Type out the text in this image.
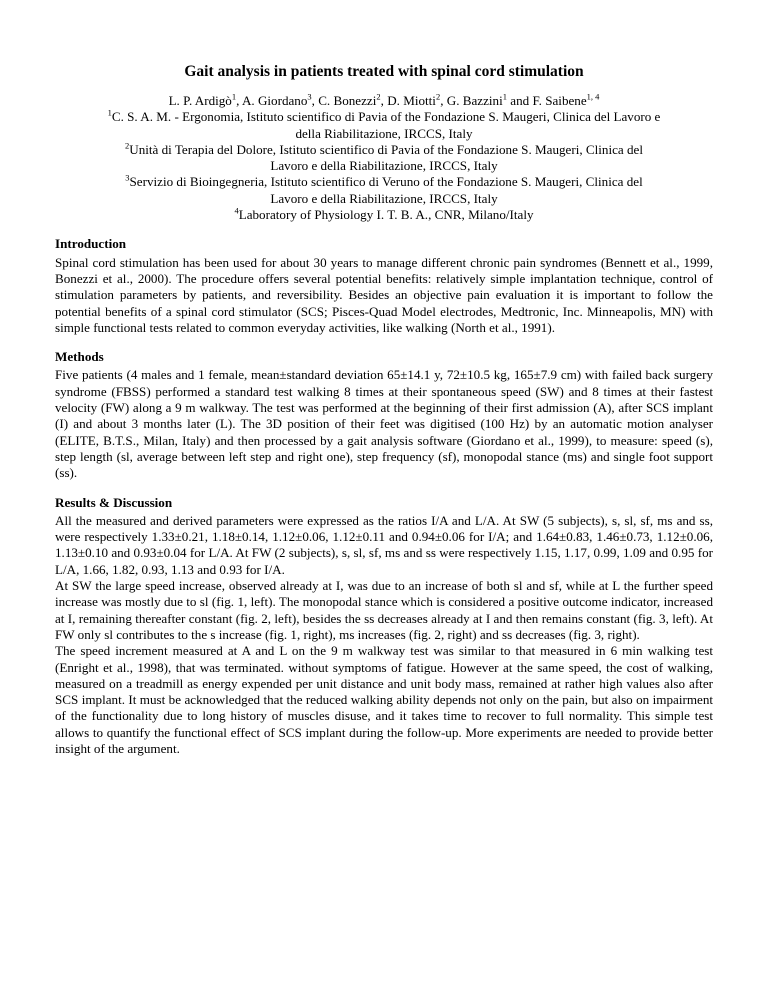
Gait analysis in patients treated with spinal cord stimulation
L. P. Ardigò$^1$, A. Giordano$^3$, C. Bonezzi$^2$, D. Miotti$^2$, G. Bazzini$^1$ and F. Saibene$^{1, 4}$
$^1$C. S. A. M. - Ergonomia, Istituto scientifico di Pavia of the Fondazione S. Maugeri, Clinica del Lavoro e
della Riabilitazione, IRCCS, Italy
$^2$Unità di Terapia del Dolore, Istituto scientifico di Pavia of the Fondazione S. Maugeri, Clinica del
Lavoro e della Riabilitazione, IRCCS, Italy
$^3$Servizio di Bioingegneria, Istituto scientifico di Veruno of the Fondazione S. Maugeri, Clinica del
Lavoro e della Riabilitazione, IRCCS, Italy
$^4$Laboratory of Physiology I. T. B. A., CNR, Milano/Italy
Introduction

Spinal cord stimulation has been used for about 30 years to manage different chronic pain syndromes (Bennett et al., 1999, Bonezzi et al., 2000). The procedure offers several potential benefits: relatively simple implantation technique, control of stimulation parameters by patients, and reversibility. Besides an objective pain evaluation it is important to follow the potential benefits of a spinal cord stimulator (SCS; Pisces-Quad Model electrodes, Medtronic, Inc. Minneapolis, MN) with simple functional tests related to common everyday activities, like walking (North et al., 1991).

Methods

Five patients (4 males and 1 female, mean±standard deviation 65±14.1 y, 72±10.5 kg, 165±7.9 cm) with failed back surgery syndrome (FBSS) performed a standard test walking 8 times at their spontaneous speed (SW) and 8 times at their fastest velocity (FW) along a 9 m walkway. The test was performed at the beginning of their first admission (A), after SCS implant (I) and about 3 months later (L). The 3D position of their feet was digitised (100 Hz) by an automatic motion analyser (ELITE, B.T.S., Milan, Italy) and then processed by a gait analysis software (Giordano et al., 1999), to measure: speed (s), step length (sl, average between left step and right one), step frequency (sf), monopodal stance (ms) and single foot support (ss).

Results & Discussion

All the measured and derived parameters were expressed as the ratios I/A and L/A. At SW (5 subjects), s, sl, sf, ms and ss, were respectively 1.33±0.21, 1.18±0.14, 1.12±0.06, 1.12±0.11 and 0.94±0.06 for I/A; and 1.64±0.83, 1.46±0.73, 1.12±0.06, 1.13±0.10 and 0.93±0.04 for L/A. At FW (2 subjects), s, sl, sf, ms and ss were respectively 1.15, 1.17, 0.99, 1.09 and 0.95 for L/A, 1.66, 1.82, 0.93, 1.13 and 0.93 for I/A.

At SW the large speed increase, observed already at I, was due to an increase of both sl and sf, while at L the further speed increase was mostly due to sl (fig. 1, left). The monopodal stance which is considered a positive outcome indicator, increased at I, remaining thereafter constant (fig. 2, left), besides the ss decreases already at I and then remains constant (fig. 3, left). At FW only sl contributes to the s increase (fig. 1, right), ms increases (fig. 2, right) and ss decreases (fig. 3, right).

The speed increment measured at A and L on the 9 m walkway test was similar to that measured in 6 min walking test (Enright et al., 1998), that was terminated. without symptoms of fatigue. However at the same speed, the cost of walking, measured on a treadmill as energy expended per unit distance and unit body mass, remained at rather high values also after SCS implant. It must be acknowledged that the reduced walking ability depends not only on the pain, but also on impairment of the functionality due to long history of muscles disuse, and it takes time to recover to full normality. This simple test allows to quantify the functional effect of SCS implant during the follow-up. More experiments are needed to provide better insight of the argument.
